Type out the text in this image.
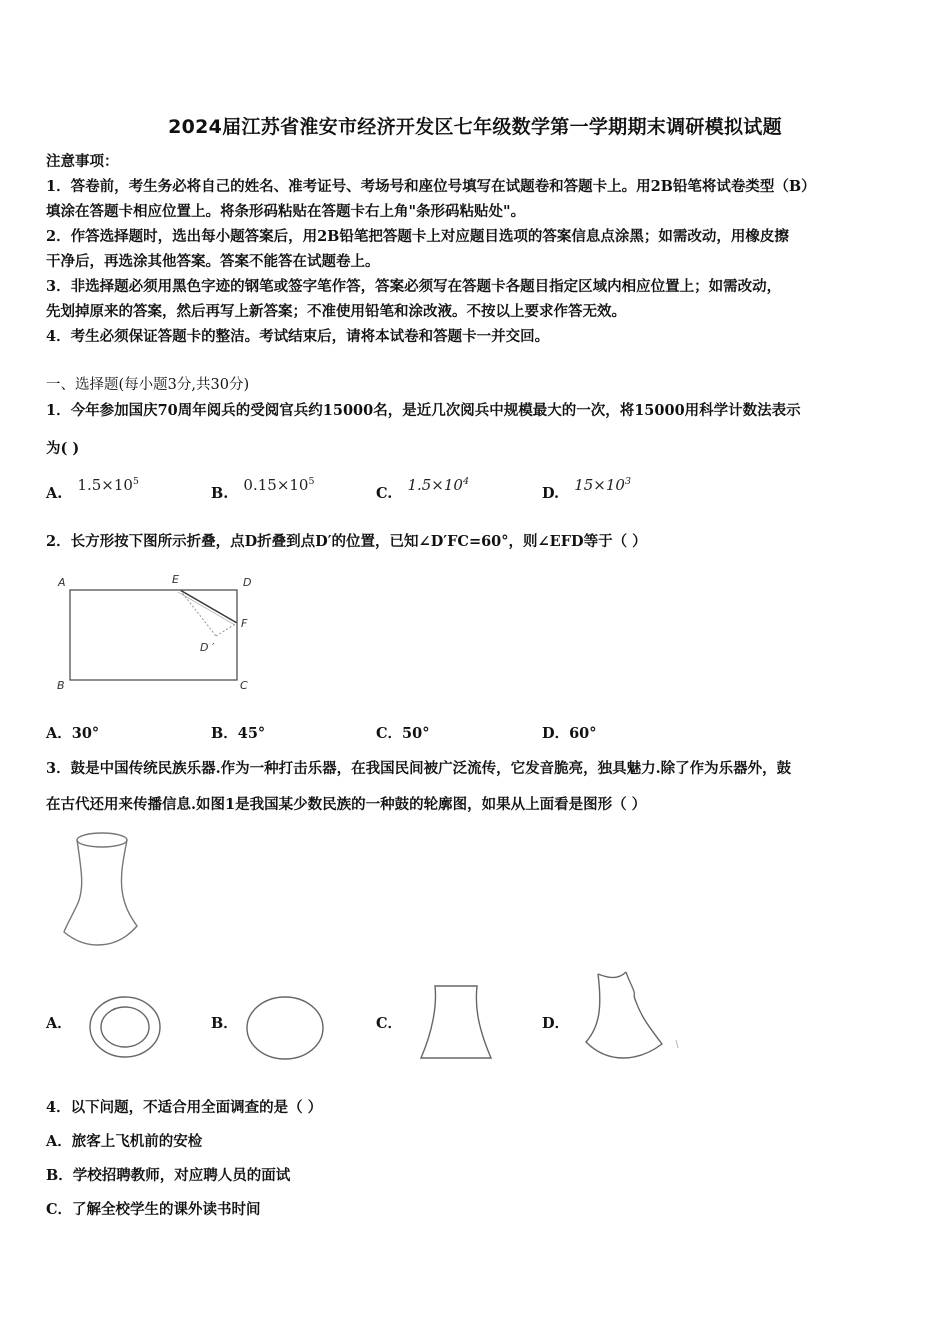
2024届江苏省淮安市经济开发区七年级数学第一学期期末调研模拟试题
注意事项：
1．答卷前，考生务必将自己的姓名、准考证号、考场号和座位号填写在试题卷和答题卡上。用2B铅笔将试卷类型（B）
填涂在答题卡相应位置上。将条形码粘贴在答题卡右上角"条形码粘贴处"。
2．作答选择题时，选出每小题答案后，用2B铅笔把答题卡上对应题目选项的答案信息点涂黑；如需改动，用橡皮擦
干净后，再选涂其他答案。答案不能答在试题卷上。
3．非选择题必须用黑色字迹的钢笔或签字笔作答，答案必须写在答题卡各题目指定区域内相应位置上；如需改动，
先划掉原来的答案，然后再写上新答案；不准使用铅笔和涂改液。不按以上要求作答无效。
4．考生必须保证答题卡的整洁。考试结束后，请将本试卷和答题卡一并交回。
一、选择题(每小题3分,共30分)
1．今年参加国庆70周年阅兵的受阅官兵约15000名，是近几次阅兵中规模最大的一次，将15000用科学计数法表示
为( )
A. $1.5\times 10^5$
B. $0.15\times 10^5$
C. $1.5\times 10^4$
D. $15\times 10^3$
2．长方形按下图所示折叠，点D折叠到点D′的位置，已知∠D′FC=60°，则∠EFD等于（ ）
A	E	D
F
D ′
B	C
A．30°	B．45°	C．50°	D．60°
3．鼓是中国传统民族乐器.作为一种打击乐器，在我国民间被广泛流传，它发音脆亮，独具魅力.除了作为乐器外，鼓
在古代还用来传播信息.如图1是我国某少数民族的一种鼓的轮廓图，如果从上面看是图形（ ）
A．	B．	C．	D．
4．以下问题，不适合用全面调查的是（ ）
A．旅客上飞机前的安检
B．学校招聘教师，对应聘人员的面试
C．了解全校学生的课外读书时间
